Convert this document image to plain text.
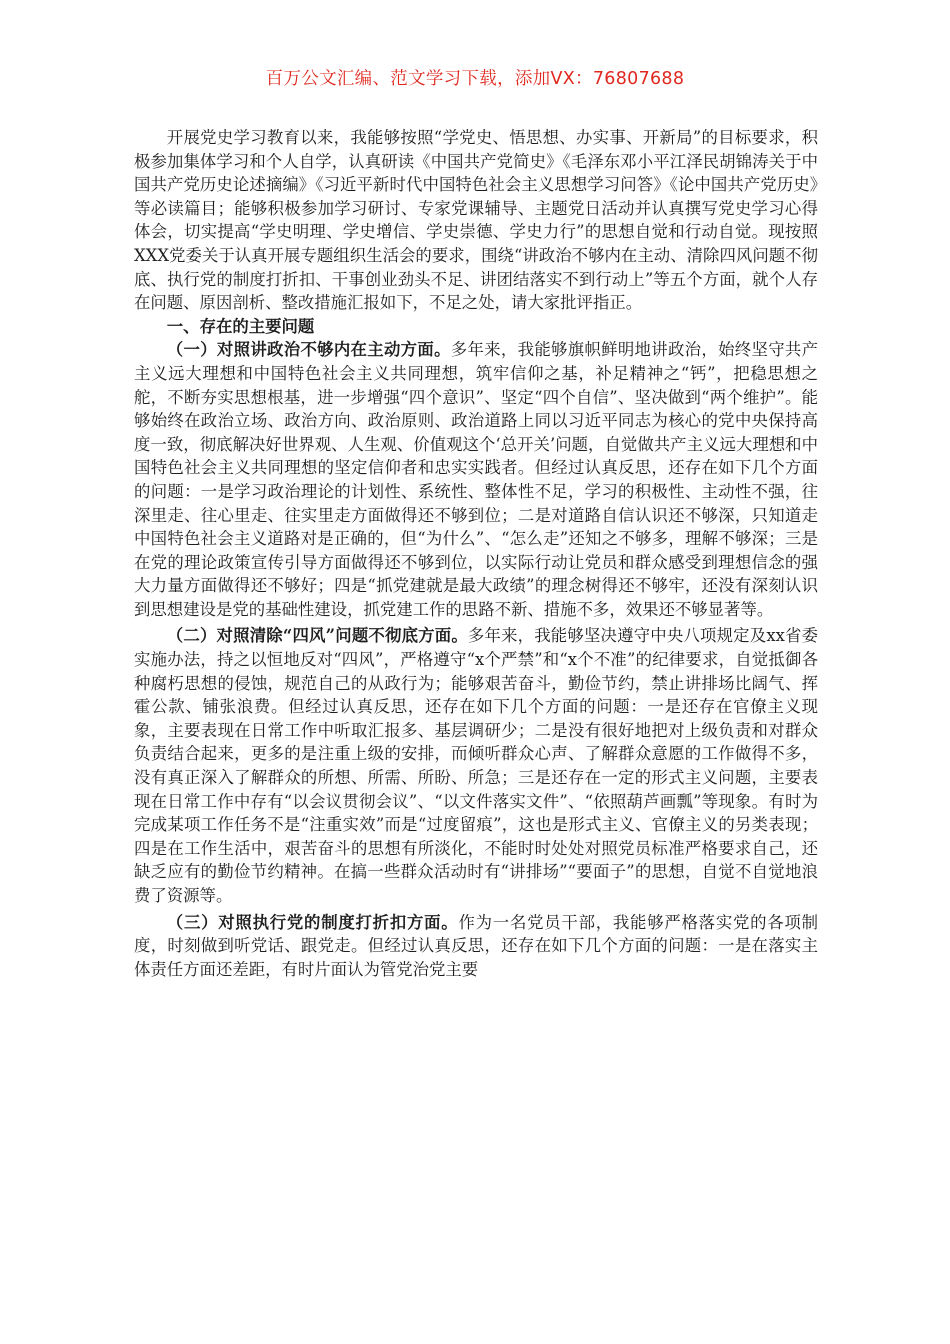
百万公文汇编、范文学习下载，添加VX：76807688

开展党史学习教育以来，我能够按照“学党史、悟思想、办实事、开新局”的目标要求，积极参加集体学习和个人自学，认真研读《中国共产党简史》《毛泽东邓小平江泽民胡锦涛关于中国共产党历史论述摘编》《习近平新时代中国特色社会主义思想学习问答》《论中国共产党历史》等必读篇目；能够积极参加学习研讨、专家党课辅导、主题党日活动并认真撰写党史学习心得体会，切实提高“学史明理、学史增信、学史崇德、学史力行”的思想自觉和行动自觉。现按照XXX党委关于认真开展专题组织生活会的要求，围绕“讲政治不够内在主动、清除四风问题不彻底、执行党的制度打折扣、干事创业劲头不足、讲团结落实不到行动上”等五个方面，就个人存在问题、原因剖析、整改措施汇报如下，不足之处，请大家批评指正。

一、存在的主要问题

（一）对照讲政治不够内在主动方面。多年来，我能够旗帜鲜明地讲政治，始终坚守共产主义远大理想和中国特色社会主义共同理想，筑牢信仰之基，补足精神之“钙”，把稳思想之舵，不断夯实思想根基，进一步增强“四个意识”、坚定“四个自信”、坚决做到“两个维护”。能够始终在政治立场、政治方向、政治原则、政治道路上同以习近平同志为核心的党中央保持高度一致，彻底解决好世界观、人生观、价值观这个‘总开关’问题，自觉做共产主义远大理想和中国特色社会主义共同理想的坚定信仰者和忠实实践者。但经过认真反思，还存在如下几个方面的问题：一是学习政治理论的计划性、系统性、整体性不足，学习的积极性、主动性不强，往深里走、往心里走、往实里走方面做得还不够到位；二是对道路自信认识还不够深，只知道走中国特色社会主义道路对是正确的，但“为什么”、“怎么走”还知之不够多，理解不够深；三是在党的理论政策宣传引导方面做得还不够到位，以实际行动让党员和群众感受到理想信念的强大力量方面做得还不够好；四是“抓党建就是最大政绩”的理念树得还不够牢，还没有深刻认识到思想建设是党的基础性建设，抓党建工作的思路不新、措施不多，效果还不够显著等。

（二）对照清除“四风”问题不彻底方面。多年来，我能够坚决遵守中央八项规定及xx省委实施办法，持之以恒地反对“四风”，严格遵守“x个严禁”和“x个不准”的纪律要求，自觉抵御各种腐朽思想的侵蚀，规范自己的从政行为；能够艰苦奋斗，勤俭节约，禁止讲排场比阔气、挥霍公款、铺张浪费。但经过认真反思，还存在如下几个方面的问题：一是还存在官僚主义现象，主要表现在日常工作中听取汇报多、基层调研少；二是没有很好地把对上级负责和对群众负责结合起来，更多的是注重上级的安排，而倾听群众心声、了解群众意愿的工作做得不多，没有真正深入了解群众的所想、所需、所盼、所急；三是还存在一定的形式主义问题，主要表现在日常工作中存有“以会议贯彻会议”、“以文件落实文件”、“依照葫芦画瓢”等现象。有时为完成某项工作任务不是“注重实效”而是“过度留痕”，这也是形式主义、官僚主义的另类表现；四是在工作生活中，艰苦奋斗的思想有所淡化，不能时时处处对照党员标准严格要求自己，还缺乏应有的勤俭节约精神。在搞一些群众活动时有“讲排场”“要面子”的思想，自觉不自觉地浪费了资源等。

（三）对照执行党的制度打折扣方面。作为一名党员干部，我能够严格落实党的各项制度，时刻做到听党话、跟党走。但经过认真反思，还存在如下几个方面的问题：一是在落实主体责任方面还差距，有时片面认为管党治党主要
